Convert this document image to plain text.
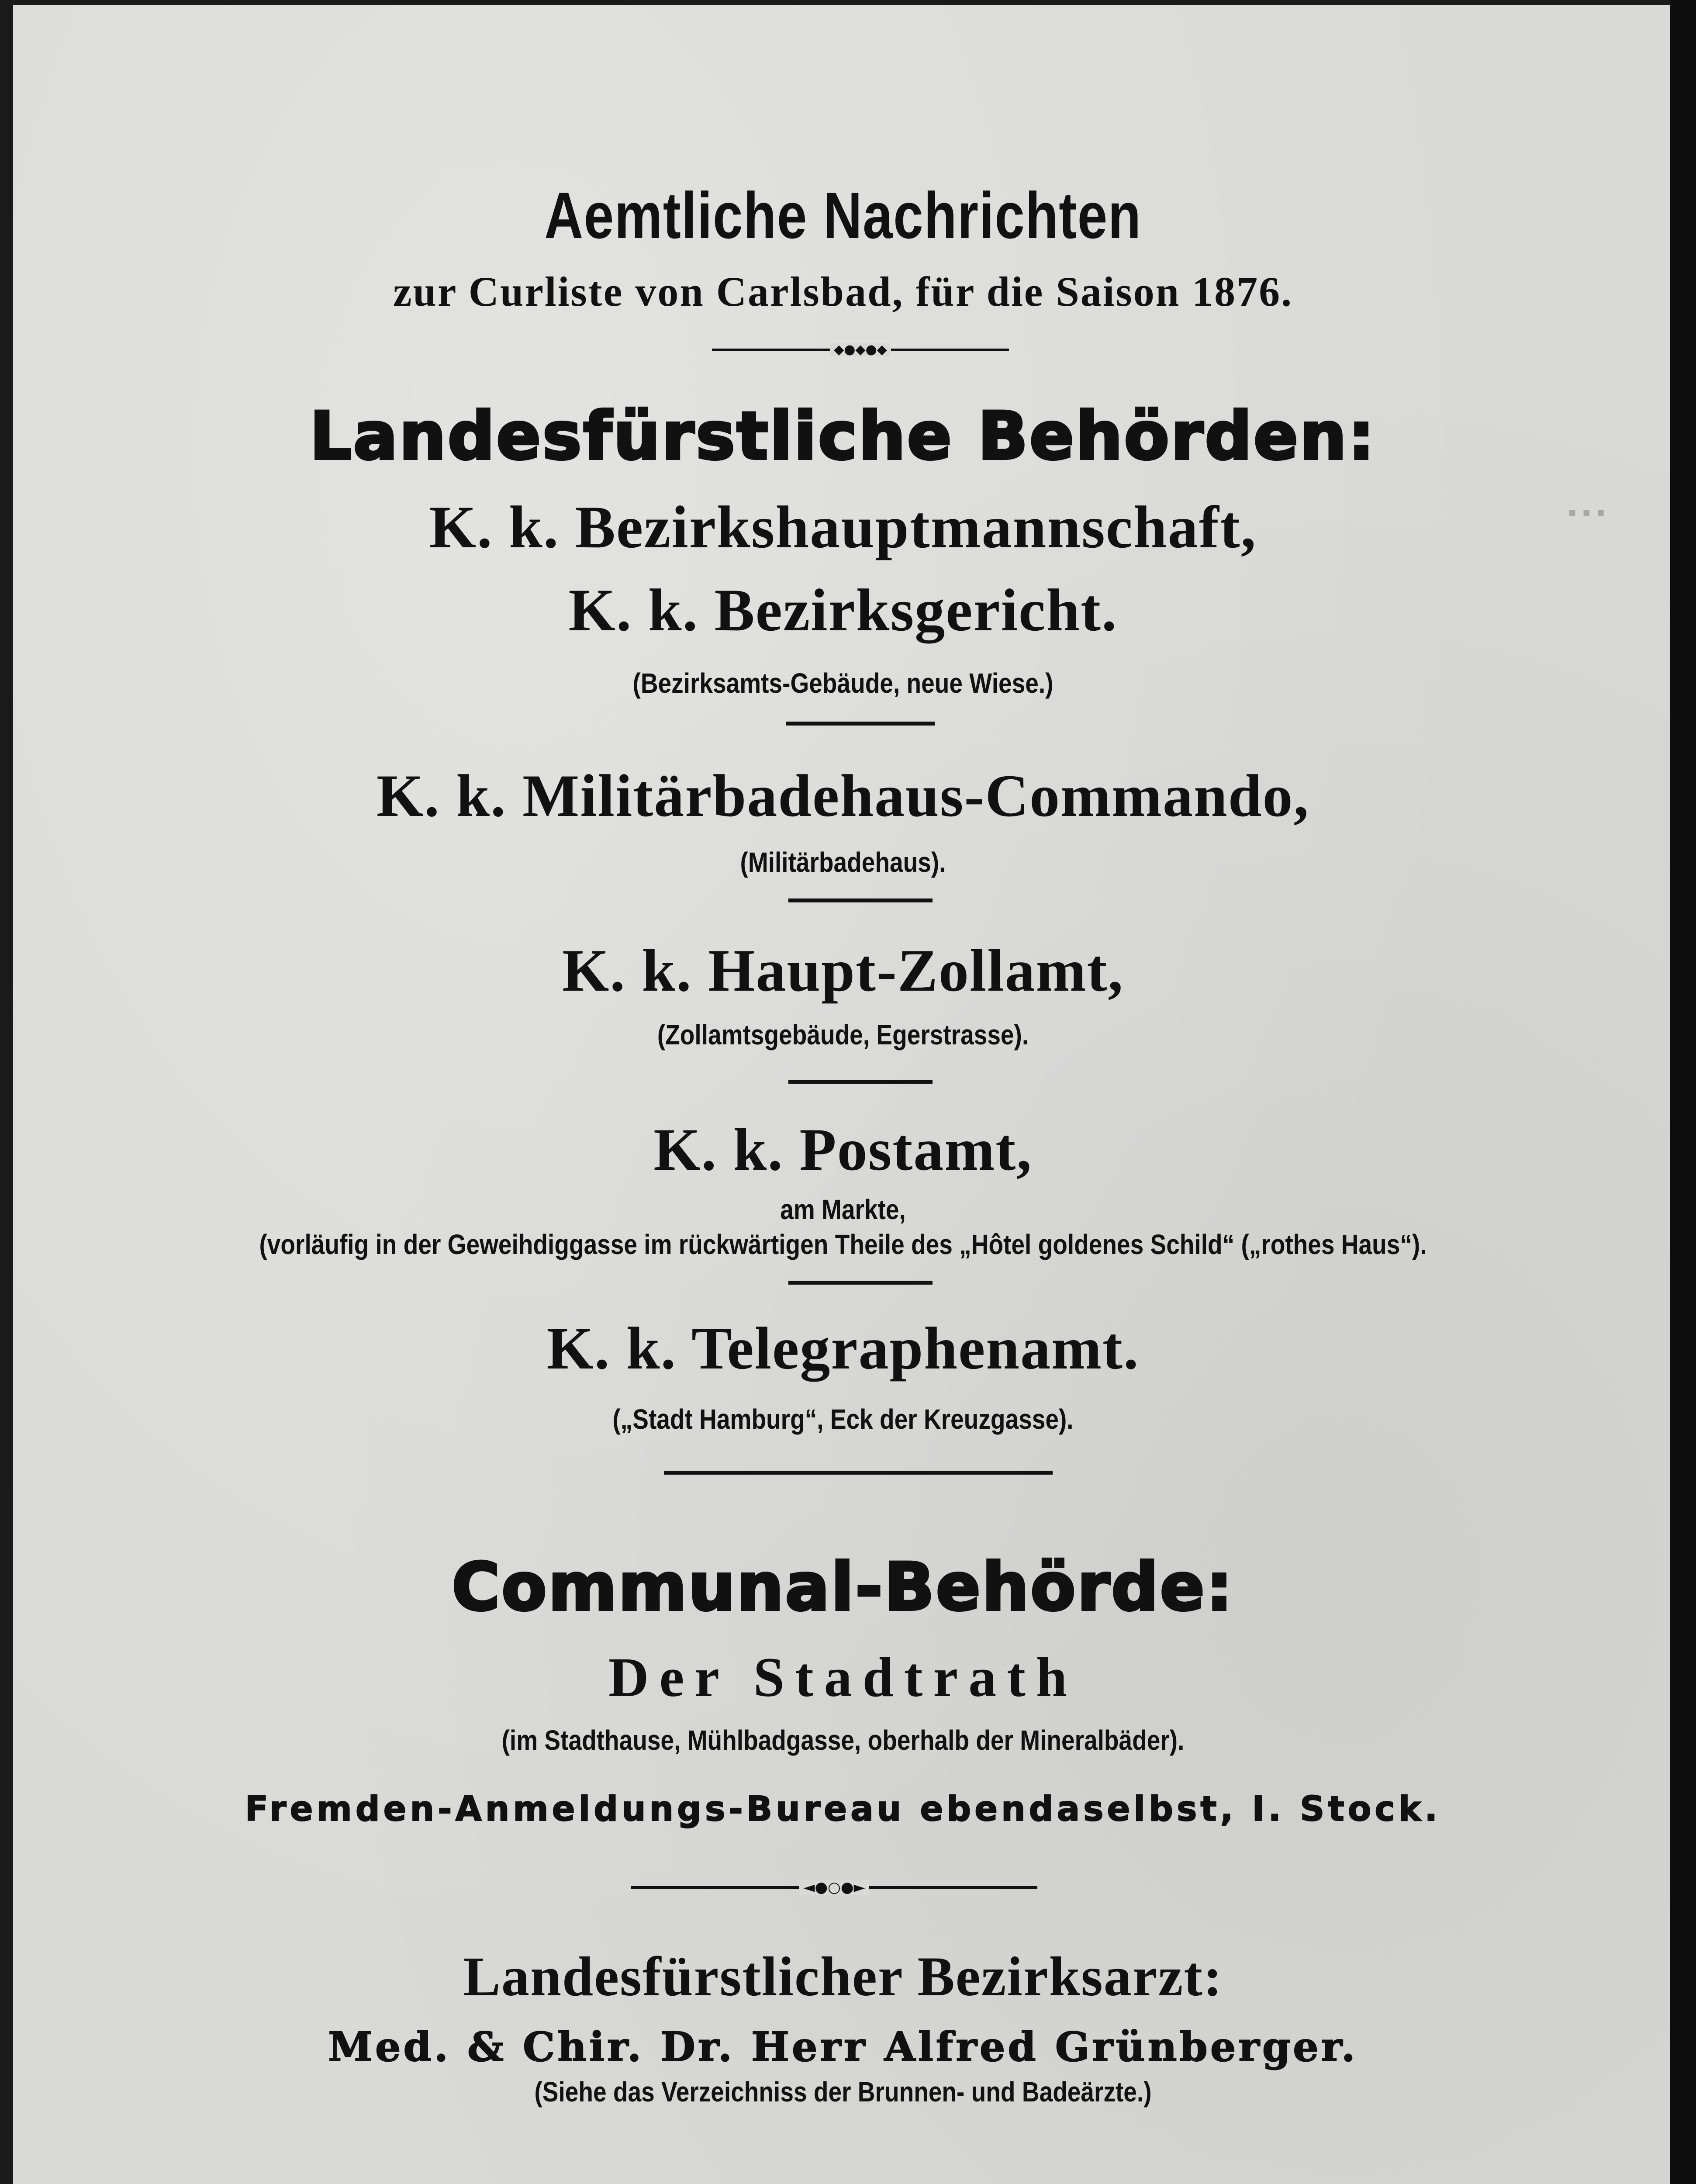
▪ ▪ ▪
Aemtliche Nachrichten
zur Curliste von Carlsbad, für die Saison 1876.
◆●◆●◆
Landesfürstliche Behörden:
K. k. Bezirkshauptmannschaft,
K. k. Bezirksgericht.
(Bezirksamts-Gebäude, neue Wiese.)
K. k. Militärbadehaus-Commando,
(Militärbadehaus).
K. k. Haupt-Zollamt,
(Zollamtsgebäude, Egerstrasse).
K. k. Postamt,
am Markte,
(vorläufig in der Geweihdiggasse im rückwärtigen Theile des „Hôtel goldenes Schild“ („rothes Haus“).
K. k. Telegraphenamt.
(„Stadt Hamburg“, Eck der Kreuzgasse).
Communal-Behörde:
Der Stadtrath
(im Stadthause, Mühlbadgasse, oberhalb der Mineralbäder).
Fremden-Anmeldungs-Bureau ebendaselbst, I. Stock.
◄●○●►
Landesfürstlicher Bezirksarzt:
Med. & Chir. Dr. Herr Alfred Grünberger.
(Siehe das Verzeichniss der Brunnen- und Badeärzte.)
